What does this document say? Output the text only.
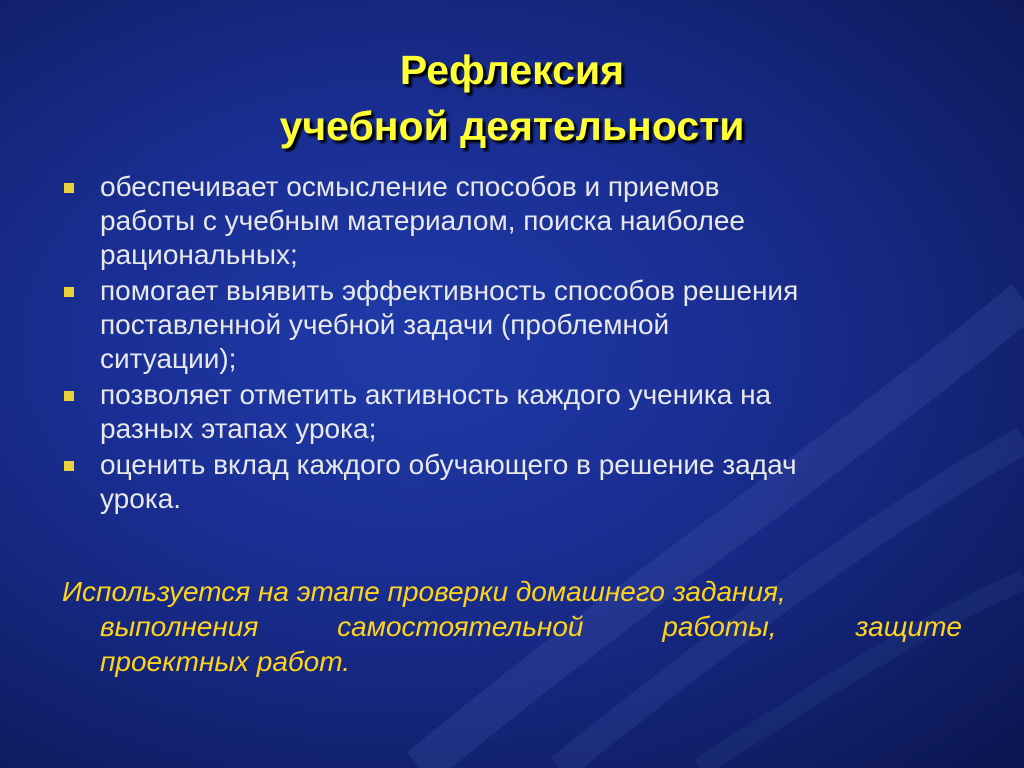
Рефлексия
учебной деятельности
обеспечивает осмысление способов и приемов
работы с учебным материалом, поиска наиболее
рациональных;
помогает выявить эффективность способов решения
поставленной учебной задачи (проблемной
ситуации);
позволяет отметить активность каждого ученика на
разных этапах урока;
оценить вклад каждого обучающего в решение задач
урока.
Используется на этапе проверки домашнего задания,
выполнения самостоятельной работы, защите
проектных работ.
